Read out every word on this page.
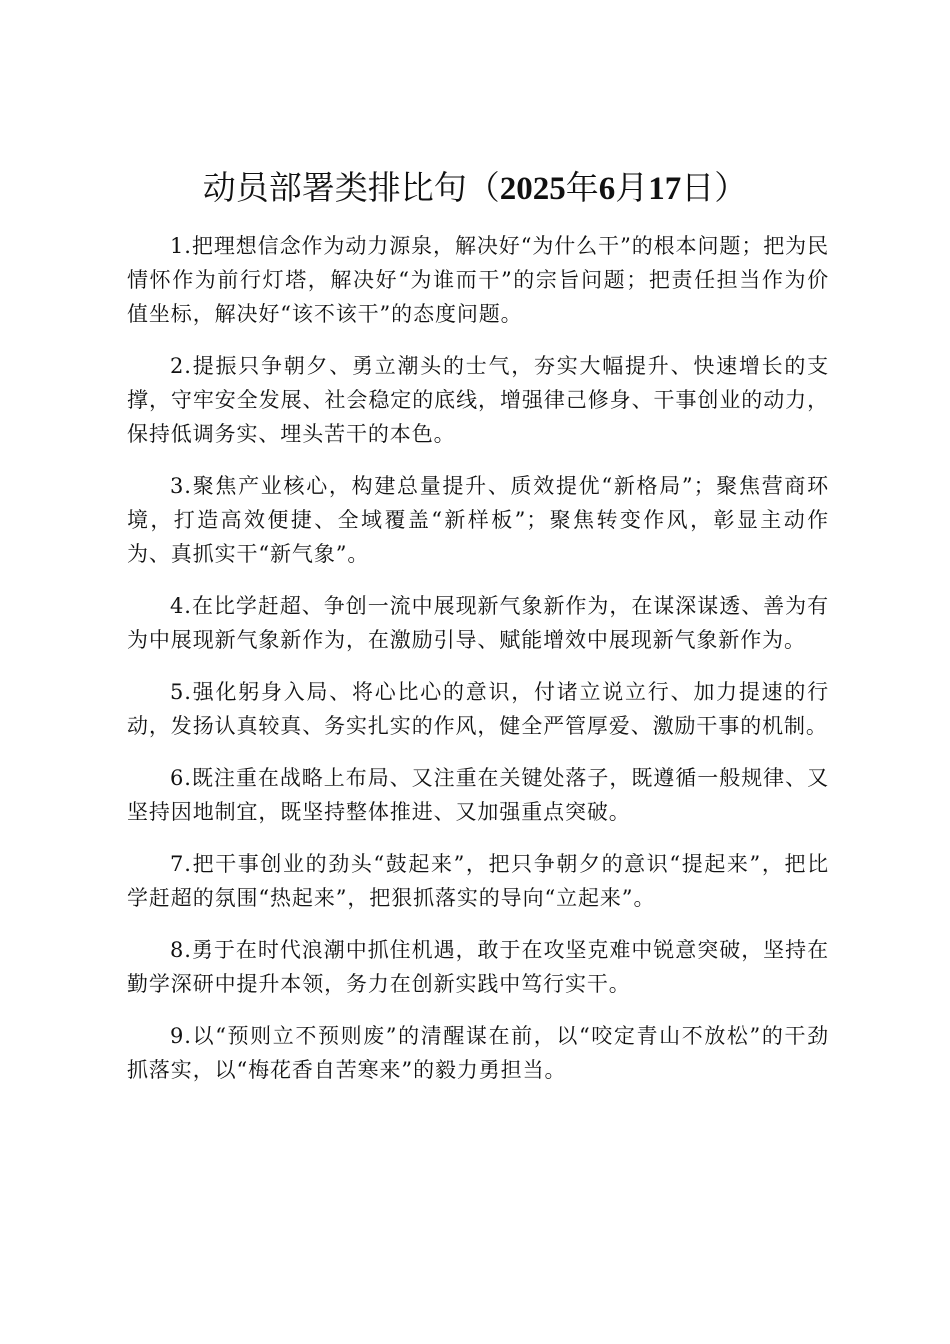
动员部署类排比句（2025年6月17日）

1.把理想信念作为动力源泉，解决好“为什么干”的根本问题；把为民情怀作为前行灯塔，解决好“为谁而干”的宗旨问题；把责任担当作为价值坐标，解决好“该不该干”的态度问题。

2.提振只争朝夕、勇立潮头的士气，夯实大幅提升、快速增长的支撑，守牢安全发展、社会稳定的底线，增强律己修身、干事创业的动力，保持低调务实、埋头苦干的本色。

3.聚焦产业核心，构建总量提升、质效提优“新格局”；聚焦营商环境，打造高效便捷、全域覆盖“新样板”；聚焦转变作风，彰显主动作为、真抓实干“新气象”。

4.在比学赶超、争创一流中展现新气象新作为，在谋深谋透、善为有为中展现新气象新作为，在激励引导、赋能增效中展现新气象新作为。

5.强化躬身入局、将心比心的意识，付诸立说立行、加力提速的行动，发扬认真较真、务实扎实的作风，健全严管厚爱、激励干事的机制。

6.既注重在战略上布局、又注重在关键处落子，既遵循一般规律、又坚持因地制宜，既坚持整体推进、又加强重点突破。

7.把干事创业的劲头“鼓起来”，把只争朝夕的意识“提起来”，把比学赶超的氛围“热起来”，把狠抓落实的导向“立起来”。

8.勇于在时代浪潮中抓住机遇，敢于在攻坚克难中锐意突破，坚持在勤学深研中提升本领，务力在创新实践中笃行实干。

9.以“预则立不预则废”的清醒谋在前，以“咬定青山不放松”的干劲抓落实，以“梅花香自苦寒来”的毅力勇担当。
